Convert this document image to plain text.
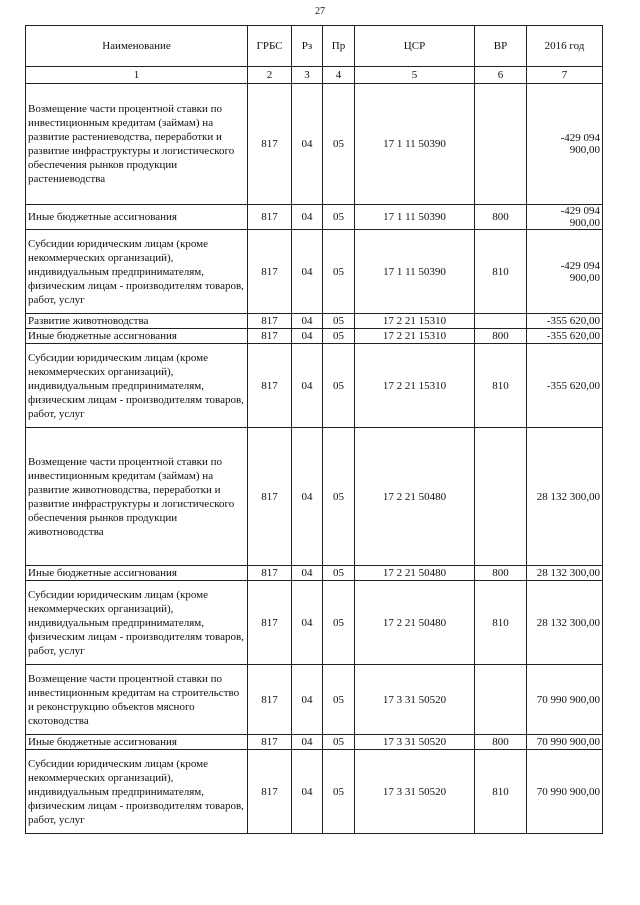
27
Наименование	ГРБС	Рз	Пр	ЦСР	ВР	2016 год
1	2	3	4	5	6	7
Возмещение части процентной ставки по инвестиционным кредитам (займам) на развитие растениеводства, переработки и развитие инфраструктуры и логистического обеспечения рынков продукции растениеводства	817	04	05	17 1 11 50390		-429 094 900,00
Иные бюджетные ассигнования	817	04	05	17 1 11 50390	800	-429 094 900,00
Субсидии юридическим лицам (кроме некоммерческих организаций), индивидуальным предпринимателям, физическим лицам - производителям товаров, работ, услуг	817	04	05	17 1 11 50390	810	-429 094 900,00
Развитие животноводства	817	04	05	17 2 21 15310		-355 620,00
Иные бюджетные ассигнования	817	04	05	17 2 21 15310	800	-355 620,00
Субсидии юридическим лицам (кроме некоммерческих организаций), индивидуальным предпринимателям, физическим лицам - производителям товаров, работ, услуг	817	04	05	17 2 21 15310	810	-355 620,00
Возмещение части процентной ставки по инвестиционным кредитам (займам) на развитие животноводства, переработки и развитие инфраструктуры и логистического обеспечения рынков продукции животноводства	817	04	05	17 2 21 50480		28 132 300,00
Иные бюджетные ассигнования	817	04	05	17 2 21 50480	800	28 132 300,00
Субсидии юридическим лицам (кроме некоммерческих организаций), индивидуальным предпринимателям, физическим лицам - производителям товаров, работ, услуг	817	04	05	17 2 21 50480	810	28 132 300,00
Возмещение части процентной ставки по инвестиционным кредитам на строительство и реконструкцию объектов мясного скотоводства	817	04	05	17 3 31 50520		70 990 900,00
Иные бюджетные ассигнования	817	04	05	17 3 31 50520	800	70 990 900,00
Субсидии юридическим лицам (кроме некоммерческих организаций), индивидуальным предпринимателям, физическим лицам - производителям товаров, работ, услуг	817	04	05	17 3 31 50520	810	70 990 900,00
